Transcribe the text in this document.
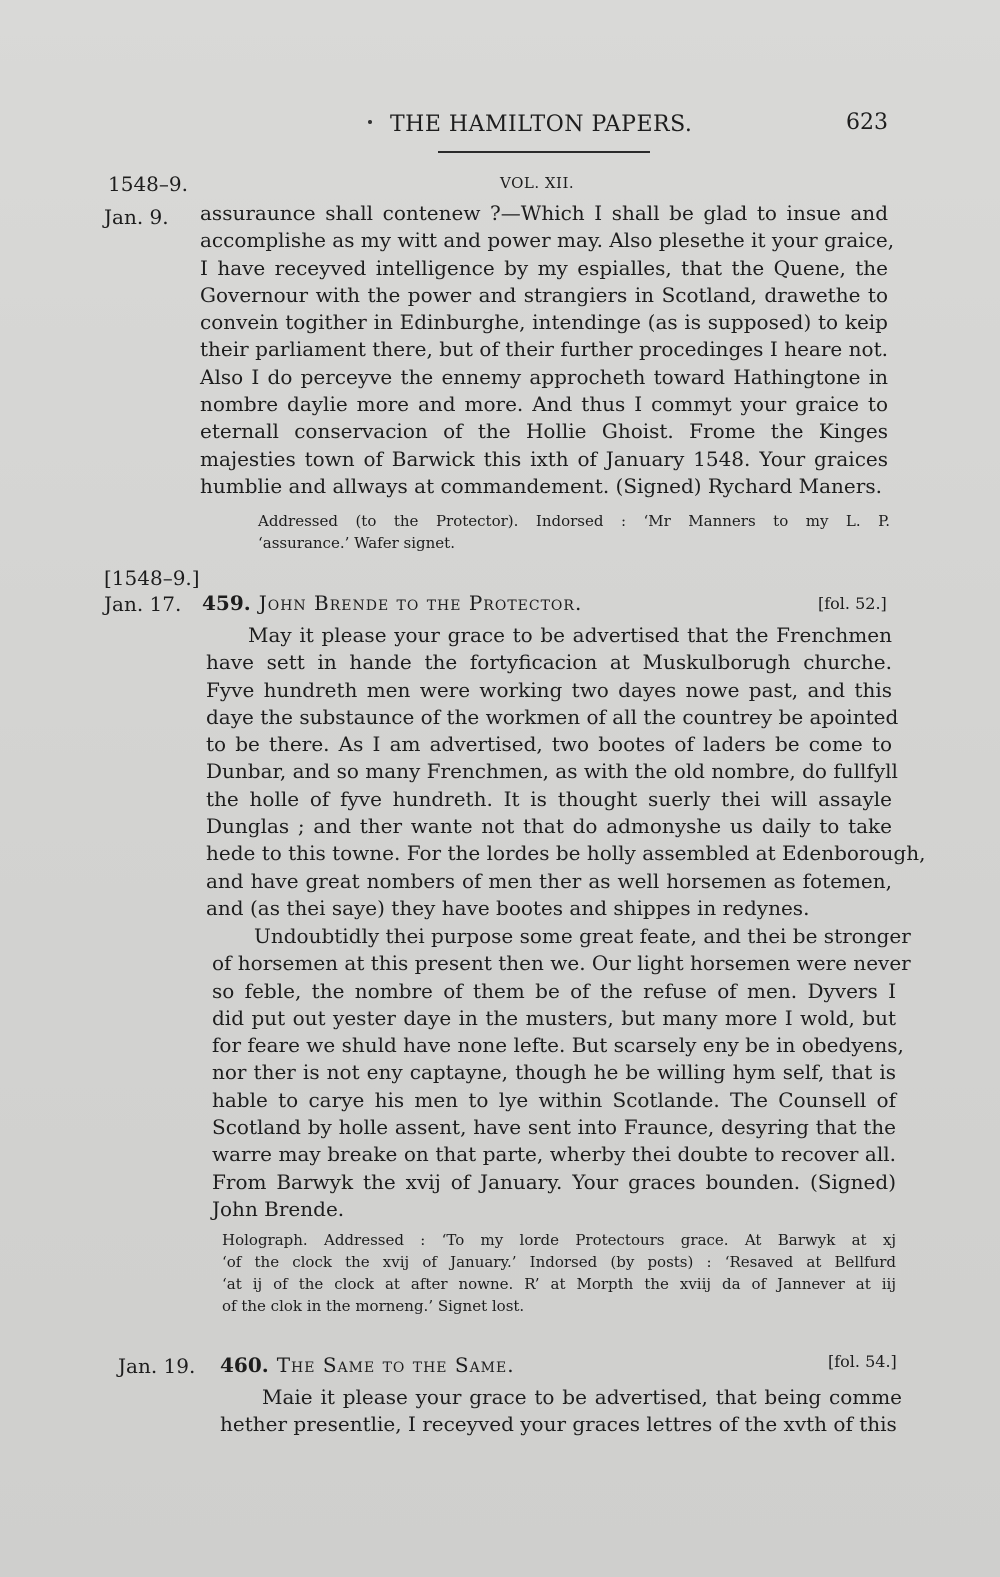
THE HAMILTON PAPERS.	623
1548–9.	VOL. XII.
Jan. 9. assuraunce shall contenew ?—Which I shall be glad to insue and
accomplishe as my witt and power may. Also plesethe it your graice,
I have receyved intelligence by my espialles, that the Quene, the
Governour with the power and strangiers in Scotland, drawethe to
convein togither in Edinburghe, intendinge (as is supposed) to keip
their parliament there, but of their further procedinges I heare not.
Also I do perceyve the ennemy approcheth toward Hathingtone in
nombre daylie more and more. And thus I commyt your graice to
eternall conservacion of the Hollie Ghoist. Frome the Kinges
majesties town of Barwick this ixth of January 1548. Your graices
humblie and allways at commandement. (Signed) Rychard Maners.
Addressed (to the Protector). Indorsed : ‘Mr Manners to my L. P.
‘assurance.’ Wafer signet.
[1548–9.]
Jan. 17. 459. John Brende to the Protector.	[fol. 52.]
May it please your grace to be advertised that the Frenchmen
have sett in hande the fortyficacion at Muskulborugh churche.
Fyve hundreth men were working two dayes nowe past, and this
daye the substaunce of the workmen of all the countrey be apointed
to be there. As I am advertised, two bootes of laders be come to
Dunbar, and so many Frenchmen, as with the old nombre, do fullfyll
the holle of fyve hundreth. It is thought suerly thei will assayle
Dunglas ; and ther wante not that do admonyshe us daily to take
hede to this towne. For the lordes be holly assembled at Edenborough,
and have great nombers of men ther as well horsemen as fotemen,
and (as thei saye) they have bootes and shippes in redynes.
Undoubtidly thei purpose some great feate, and thei be stronger
of horsemen at this present then we. Our light horsemen were never
so feble, the nombre of them be of the refuse of men. Dyvers I
did put out yester daye in the musters, but many more I wold, but
for feare we shuld have none lefte. But scarsely eny be in obedyens,
nor ther is not eny captayne, though he be willing hym self, that is
hable to carye his men to lye within Scotlande. The Counsell of
Scotland by holle assent, have sent into Fraunce, desyring that the
warre may breake on that parte, wherby thei doubte to recover all.
From Barwyk the xvij of January. Your graces bounden. (Signed)
John Brende.
Holograph. Addressed : ‘To my lorde Protectours grace. At Barwyk at xj
‘of the clock the xvij of January.’ Indorsed (by posts) : ‘Resaved at Bellfurd
‘at ij of the clock at after nowne. R’ at Morpth the xviij da of Jannever at iij
of the clok in the morneng.’ Signet lost.
Jan. 19. 460. The Same to the Same.	[fol. 54.]
Maie it please your grace to be advertised, that being comme
hether presentlie, I receyved your graces lettres of the xvth of this
